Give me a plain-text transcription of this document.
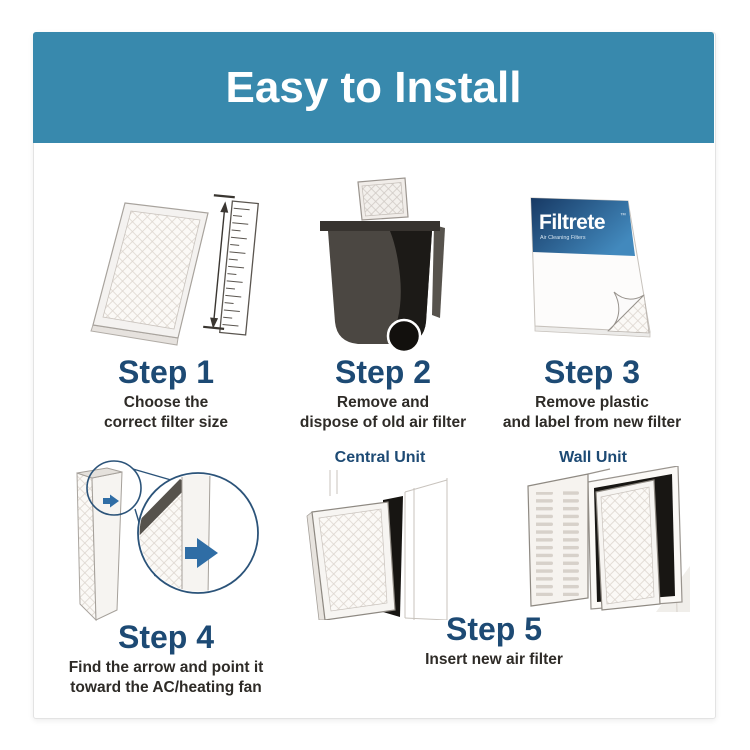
Easy to Install
Filtrete ™
Air Cleaning Filters
Step 1
Choose the
correct filter size
Step 2
Remove and
dispose of old air filter
Step 3
Remove plastic
and label from new filter
Step 4
Find the arrow and point it
toward the AC/heating fan
Central Unit	Wall Unit
Step 5
Insert new air filter
